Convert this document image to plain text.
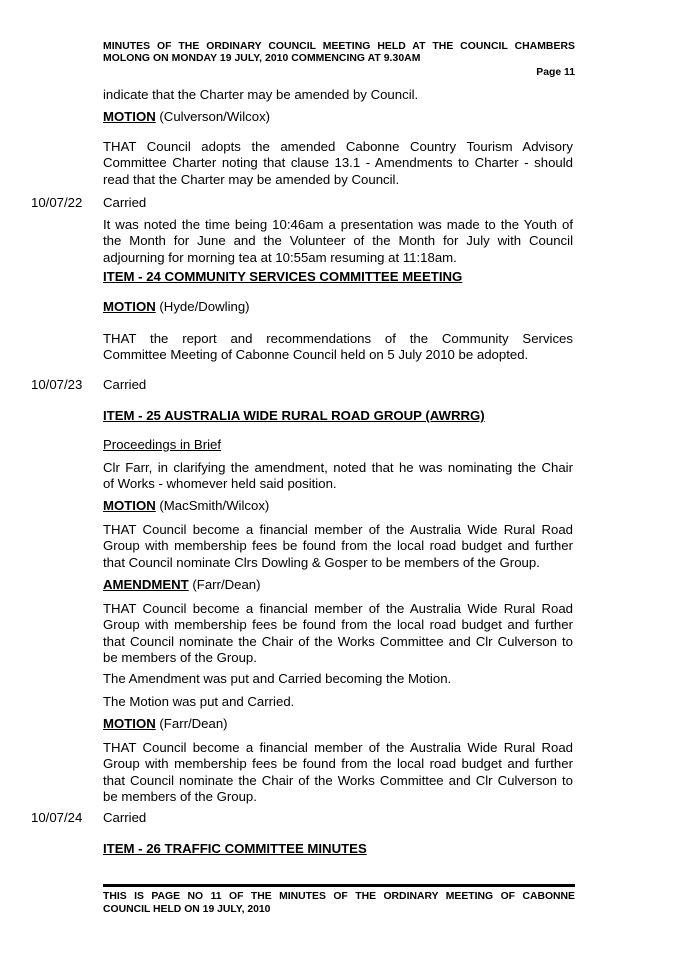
MINUTES OF THE ORDINARY COUNCIL MEETING HELD AT THE COUNCIL CHAMBERS
MOLONG ON MONDAY 19 JULY, 2010 COMMENCING AT 9.30AM
Page 11
indicate that the Charter may be amended by Council.
MOTION (Culverson/Wilcox)
THAT Council adopts the amended Cabonne Country Tourism Advisory
Committee Charter noting that clause 13.1 - Amendments to Charter - should
read that the Charter may be amended by Council.
10/07/22 Carried
It was noted the time being 10:46am a presentation was made to the Youth of
the Month for June and the Volunteer of the Month for July with Council
adjourning for morning tea at 10:55am resuming at 11:18am.
ITEM - 24 COMMUNITY SERVICES COMMITTEE MEETING
MOTION (Hyde/Dowling)
THAT the report and recommendations of the Community Services
Committee Meeting of Cabonne Council held on 5 July 2010 be adopted.
10/07/23 Carried
ITEM - 25 AUSTRALIA WIDE RURAL ROAD GROUP (AWRRG)
Proceedings in Brief
Clr Farr, in clarifying the amendment, noted that he was nominating the Chair
of Works - whomever held said position.
MOTION (MacSmith/Wilcox)
THAT Council become a financial member of the Australia Wide Rural Road
Group with membership fees be found from the local road budget and further
that Council nominate Clrs Dowling & Gosper to be members of the Group.
AMENDMENT (Farr/Dean)
THAT Council become a financial member of the Australia Wide Rural Road
Group with membership fees be found from the local road budget and further
that Council nominate the Chair of the Works Committee and Clr Culverson to
be members of the Group.
The Amendment was put and Carried becoming the Motion.
The Motion was put and Carried.
MOTION (Farr/Dean)
THAT Council become a financial member of the Australia Wide Rural Road
Group with membership fees be found from the local road budget and further
that Council nominate the Chair of the Works Committee and Clr Culverson to
be members of the Group.
10/07/24 Carried
ITEM - 26 TRAFFIC COMMITTEE MINUTES
THIS IS PAGE NO 11 OF THE MINUTES OF THE ORDINARY MEETING OF CABONNE
COUNCIL HELD ON 19 JULY, 2010
